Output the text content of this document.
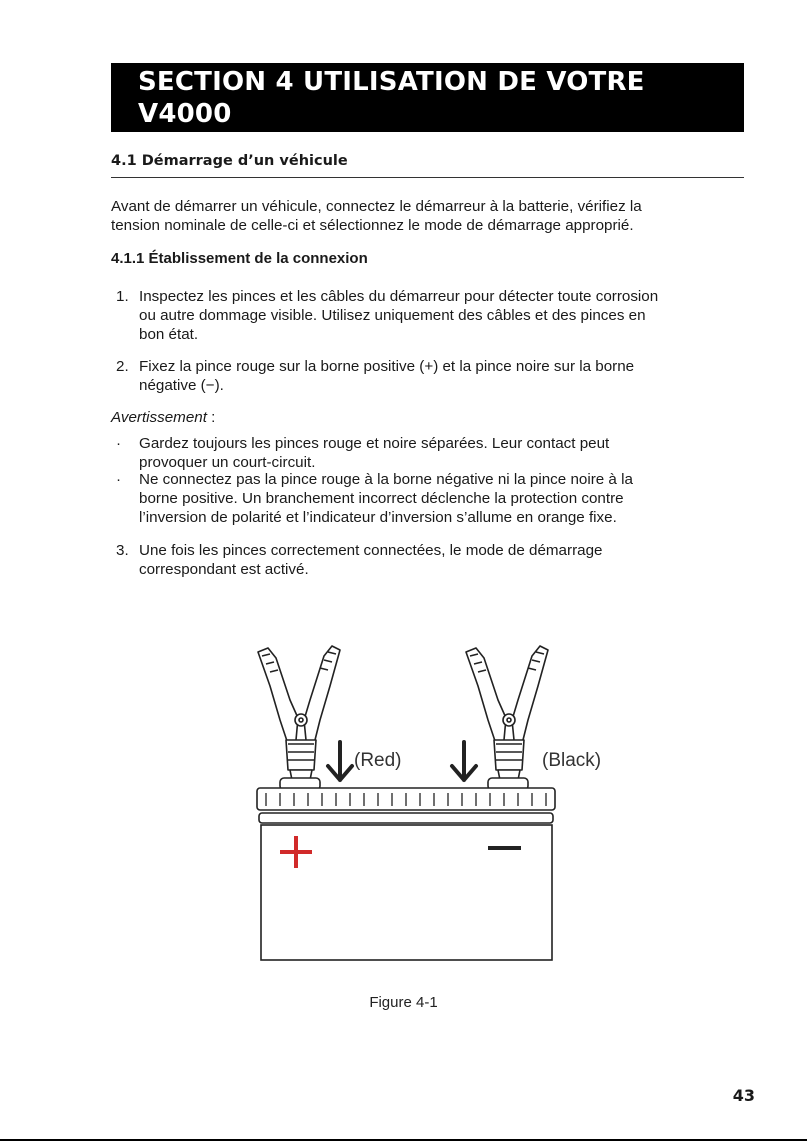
SECTION 4 UTILISATION DE VOTRE V4000
HD
4.1 Démarrage d’un véhicule
Avant de démarrer un véhicule, connectez le démarreur à la batterie, vérifiez la
tension nominale de celle-ci et sélectionnez le mode de démarrage approprié.
4.1.1 Établissement de la connexion
1. Inspectez les pinces et les câbles du démarreur pour détecter toute corrosion
ou autre dommage visible. Utilisez uniquement des câbles et des pinces en
bon état.
2. Fixez la pince rouge sur la borne positive (+) et la pince noire sur la borne
négative (−).
Avertissement :
· Gardez toujours les pinces rouge et noire séparées. Leur contact peut
provoquer un court-circuit.
· Ne connectez pas la pince rouge à la borne négative ni la pince noire à la
borne positive. Un branchement incorrect déclenche la protection contre
l’inversion de polarité et l’indicateur d’inversion s’allume en orange fixe.
3. Une fois les pinces correctement connectées, le mode de démarrage
correspondant est activé.
(Red)	(Black)
Figure 4-1
43
